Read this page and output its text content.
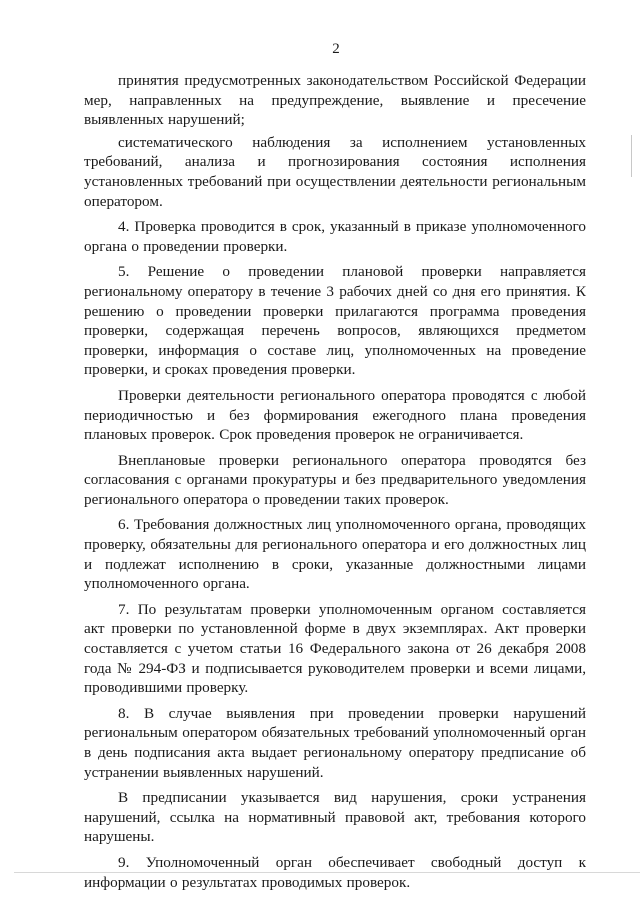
2

принятия предусмотренных законодательством Российской Федерации мер, направленных на предупреждение, выявление и пресечение выявленных нарушений;

систематического наблюдения за исполнением установленных требований, анализа и прогнозирования состояния исполнения установленных требований при осуществлении деятельности региональным оператором.

4. Проверка проводится в срок, указанный в приказе уполномоченного органа о проведении проверки.

5. Решение о проведении плановой проверки направляется региональному оператору в течение 3 рабочих дней со дня его принятия. К решению о проведении проверки прилагаются программа проведения проверки, содержащая перечень вопросов, являющихся предметом проверки, информация о составе лиц, уполномоченных на проведение проверки, и сроках проведения проверки.

Проверки деятельности регионального оператора проводятся с любой периодичностью и без формирования ежегодного плана проведения плановых проверок. Срок проведения проверок не ограничивается.

Внеплановые проверки регионального оператора проводятся без согласования с органами прокуратуры и без предварительного уведомления регионального оператора о проведении таких проверок.

6. Требования должностных лиц уполномоченного органа, проводящих проверку, обязательны для регионального оператора и его должностных лиц и подлежат исполнению в сроки, указанные должностными лицами уполномоченного органа.

7. По результатам проверки уполномоченным органом составляется акт проверки по установленной форме в двух экземплярах. Акт проверки составляется с учетом статьи 16 Федерального закона от 26 декабря 2008 года № 294-ФЗ и подписывается руководителем проверки и всеми лицами, проводившими проверку.

8. В случае выявления при проведении проверки нарушений региональным оператором обязательных требований уполномоченный орган в день подписания акта выдает региональному оператору предписание об устранении выявленных нарушений.

В предписании указывается вид нарушения, сроки устранения нарушений, ссылка на нормативный правовой акт, требования которого нарушены.

9. Уполномоченный орган обеспечивает свободный доступ к информации о результатах проводимых проверок.
